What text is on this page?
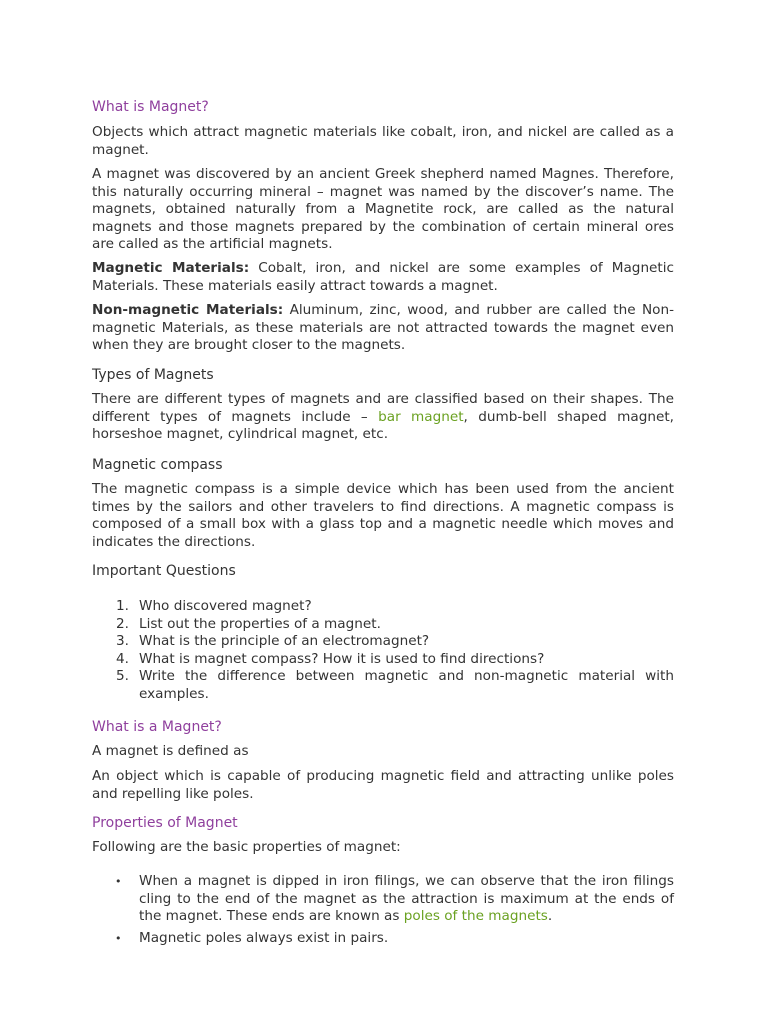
What is Magnet?

Objects which attract magnetic materials like cobalt, iron, and nickel are called as a magnet.

A magnet was discovered by an ancient Greek shepherd named Magnes. Therefore, this naturally occurring mineral – magnet was named by the discover’s name. The magnets, obtained naturally from a Magnetite rock, are called as the natural magnets and those magnets prepared by the combination of certain mineral ores are called as the artificial magnets.

Magnetic Materials: Cobalt, iron, and nickel are some examples of Magnetic Materials. These materials easily attract towards a magnet.

Non-magnetic Materials: Aluminum, zinc, wood, and rubber are called the Non-magnetic Materials, as these materials are not attracted towards the magnet even when they are brought closer to the magnets.

Types of Magnets

There are different types of magnets and are classified based on their shapes. The different types of magnets include – bar magnet, dumb-bell shaped magnet, horseshoe magnet, cylindrical magnet, etc.

Magnetic compass

The magnetic compass is a simple device which has been used from the ancient times by the sailors and other travelers to find directions. A magnetic compass is composed of a small box with a glass top and a magnetic needle which moves and indicates the directions.

Important Questions
1. Who discovered magnet?
2. List out the properties of a magnet.
3. What is the principle of an electromagnet?
4. What is magnet compass? How it is used to find directions?
5. Write the difference between magnetic and non-magnetic material with examples.
What is a Magnet?

A magnet is defined as

An object which is capable of producing magnetic field and attracting unlike poles and repelling like poles.

Properties of Magnet

Following are the basic properties of magnet:

• When a magnet is dipped in iron filings, we can observe that the iron filings cling to the end of the magnet as the attraction is maximum at the ends of the magnet. These ends are known as poles of the magnets.
• Magnetic poles always exist in pairs.
